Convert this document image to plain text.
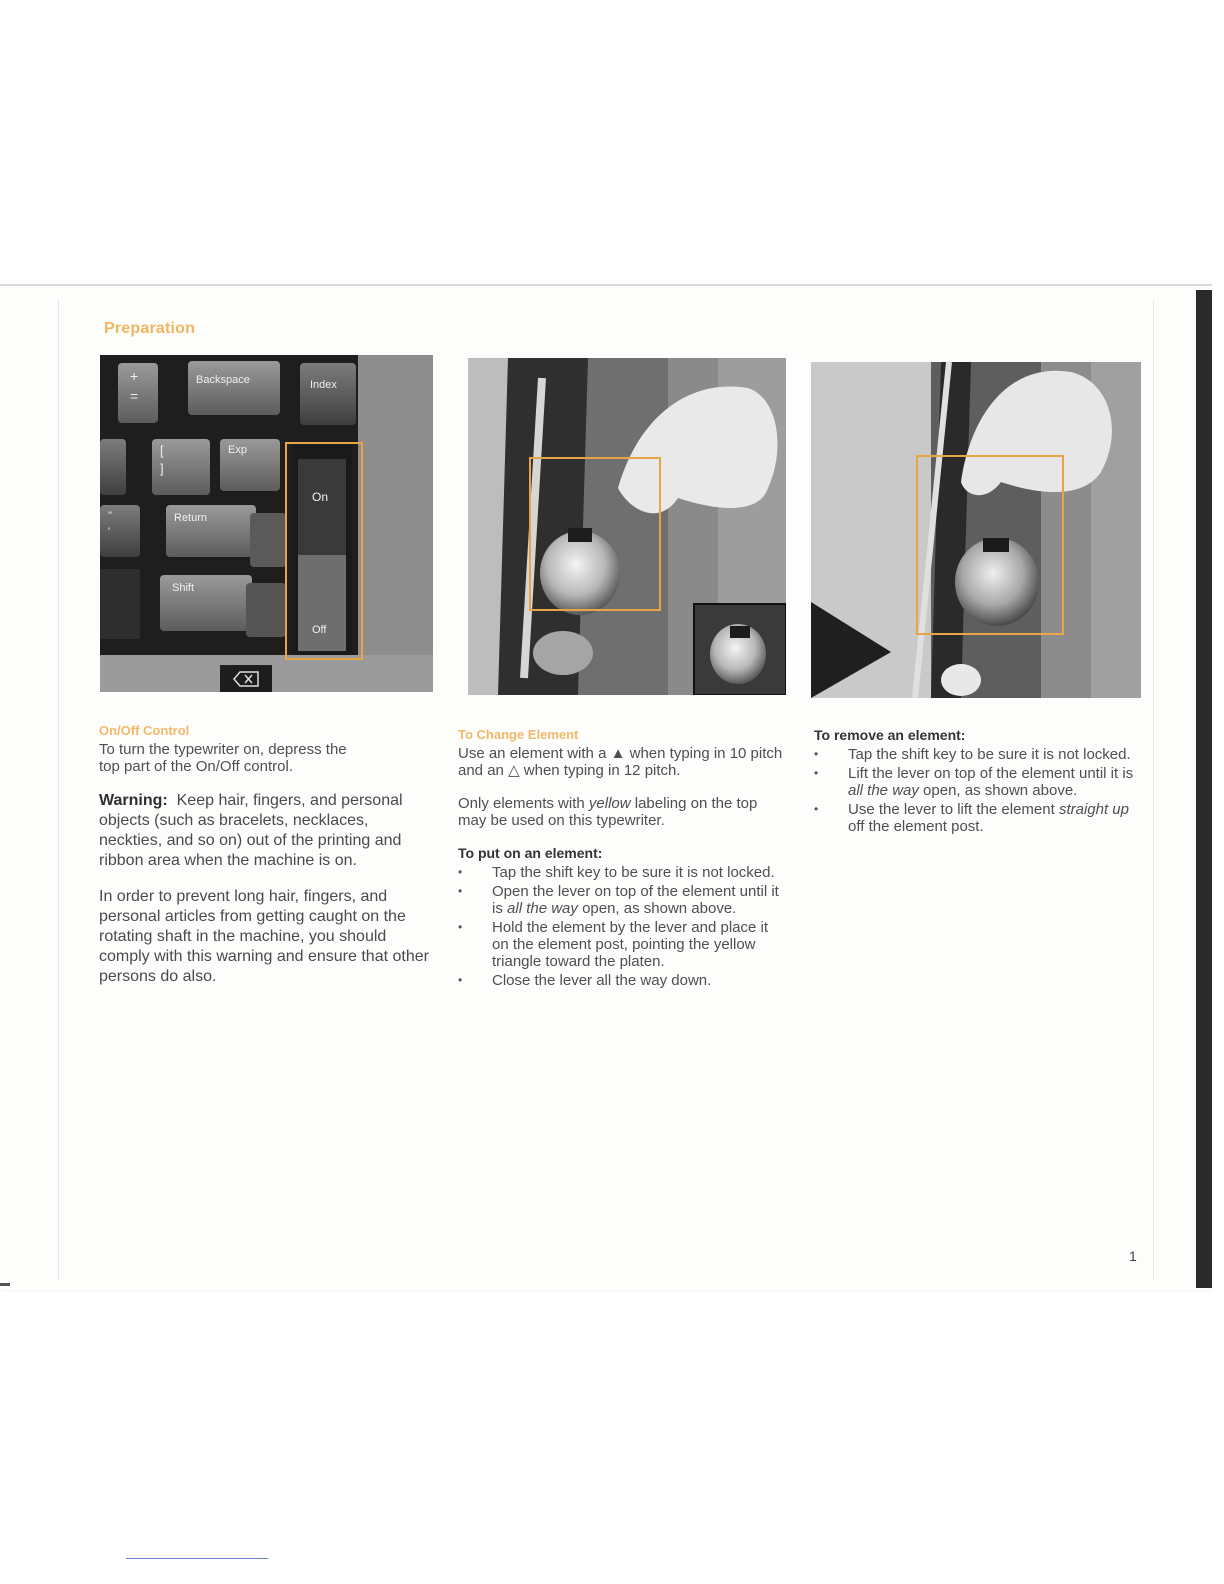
Preparation
+
=
Backspace	Index
[
]
Exp
"
'
Return
Shift
On
Off
On/Off Control

To turn the typewriter on, depress the

top part of the On/Off control.

Warning: Keep hair, fingers, and personal objects (such as bracelets, necklaces, neckties, and so on) out of the printing and ribbon area when the machine is on.

In order to prevent long hair, fingers, and personal articles from getting caught on the rotating shaft in the machine, you should comply with this warning and ensure that other persons do also.

To Change Element

Use an element with a ▲ when typing in 10 pitch and an △ when typing in 12 pitch.

Only elements with yellow labeling on the top may be used on this typewriter.

To put on an element:
• Tap the shift key to be sure it is not locked.
• Open the lever on top of the element until it is all the way open, as shown above.
• Hold the element by the lever and place it on the element post, pointing the yellow triangle toward the platen.
• Close the lever all the way down.
To remove an element:
• Tap the shift key to be sure it is not locked.
• Lift the lever on top of the element until it is all the way open, as shown above.
• Use the lever to lift the element straight up off the element post.
1
